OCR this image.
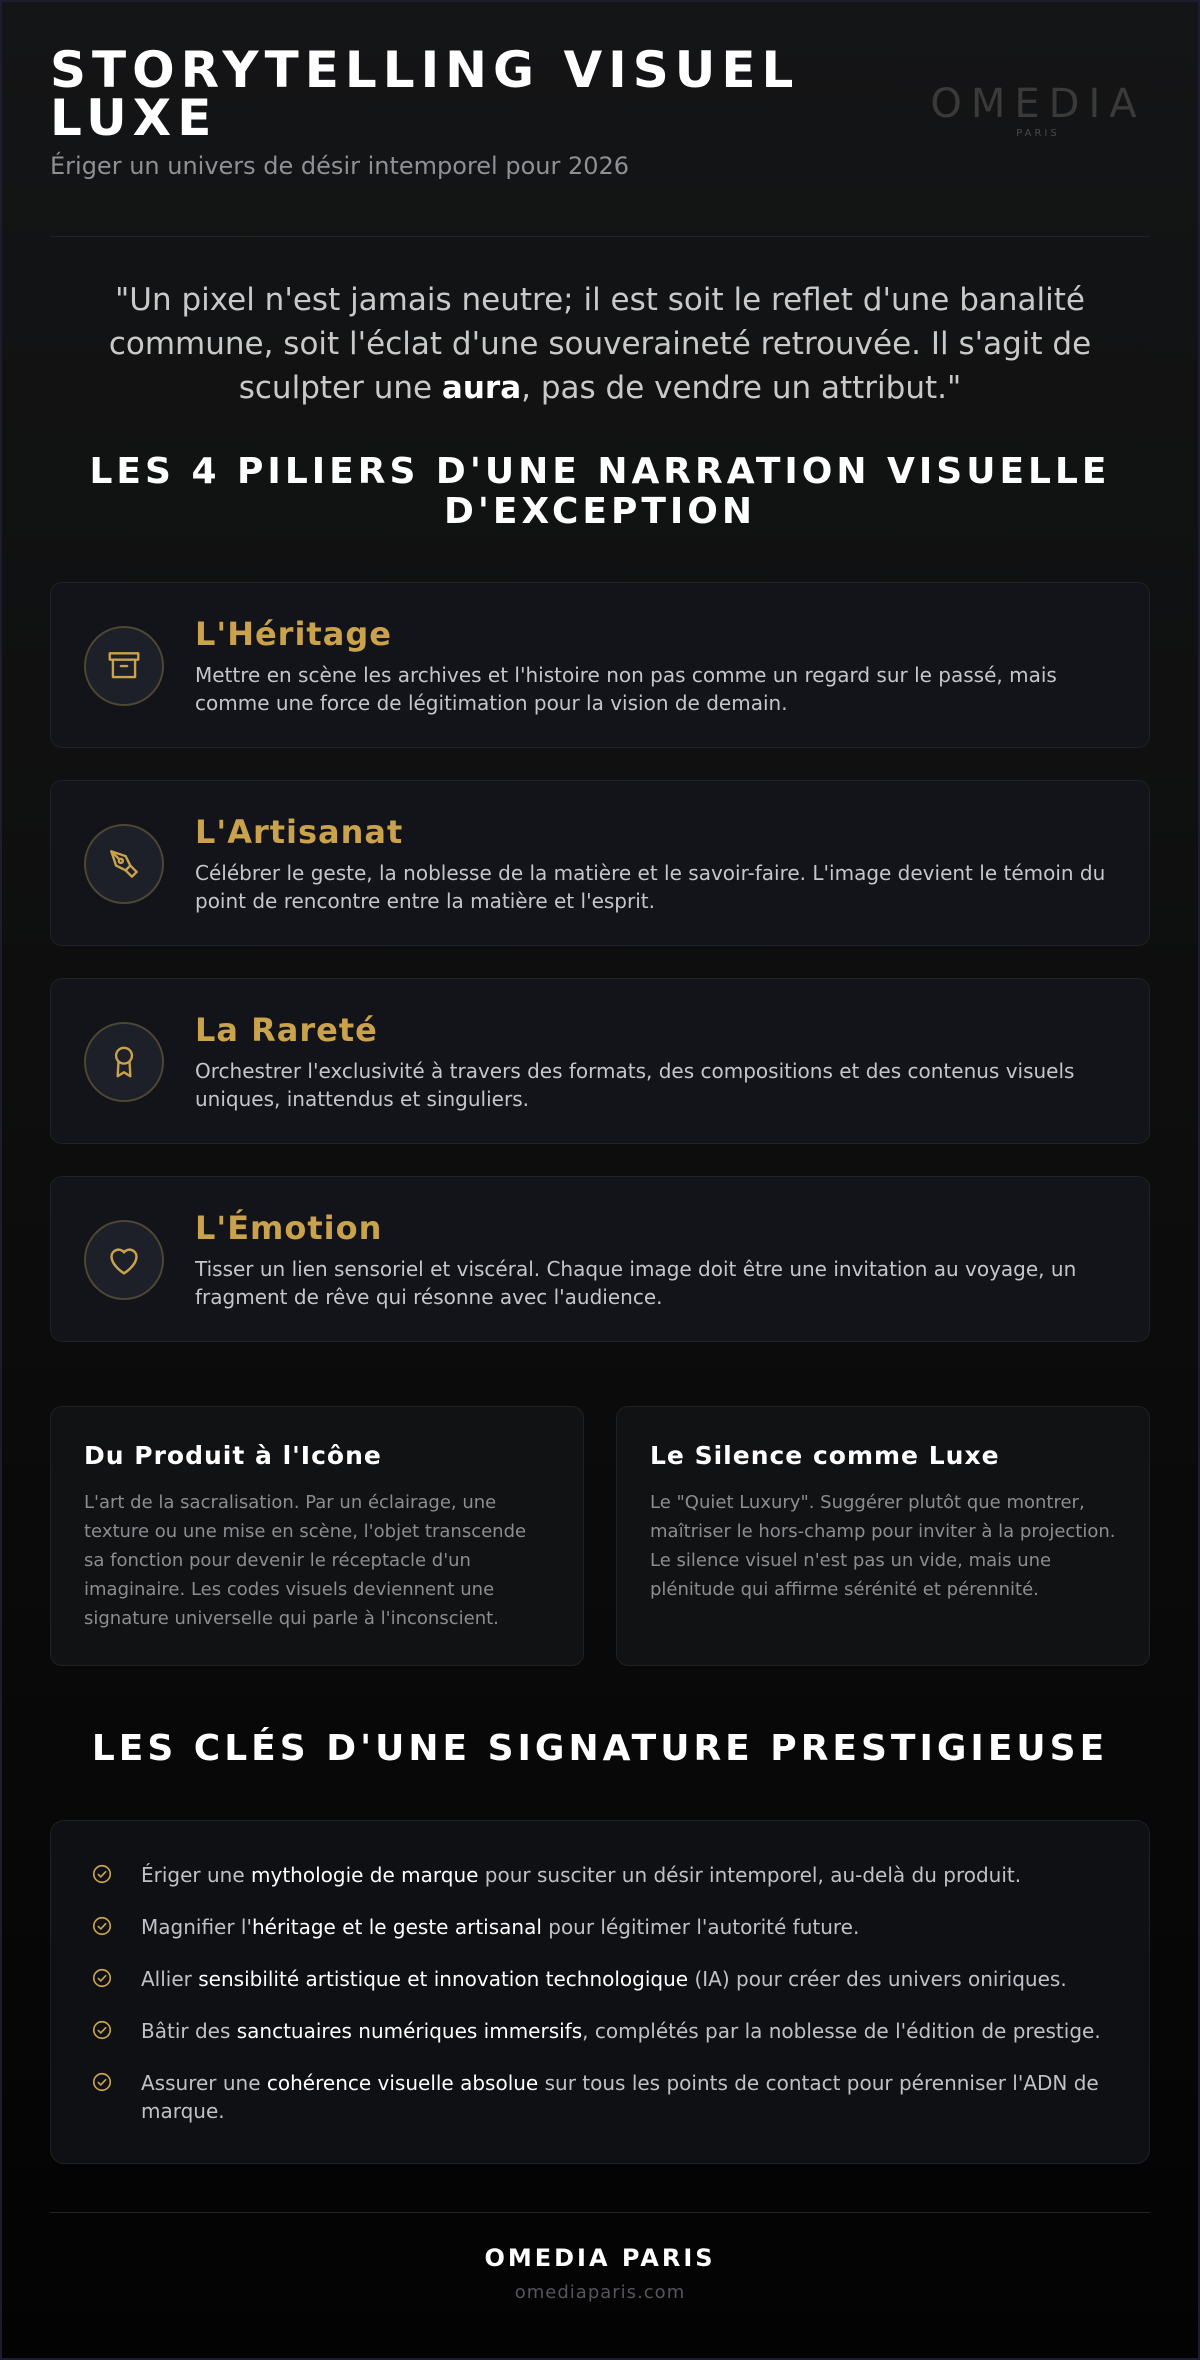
STORYTELLING VISUEL LUXE
Ériger un univers de désir intemporel pour 2026
OMEDIA
PARIS

"Un pixel n'est jamais neutre; il est soit le reflet d'une banalité commune, soit l'éclat d'une souveraineté retrouvée. Il s'agit de sculpter une aura, pas de vendre un attribut."

LES 4 PILIERS D'UNE NARRATION VISUELLE D'EXCEPTION
L'Héritage
Mettre en scène les archives et l'histoire non pas comme un regard sur le passé, mais comme une force de légitimation pour la vision de demain.
L'Artisanat
Célébrer le geste, la noblesse de la matière et le savoir-faire. L'image devient le témoin du point de rencontre entre la matière et l'esprit.
La Rareté
Orchestrer l'exclusivité à travers des formats, des compositions et des contenus visuels uniques, inattendus et singuliers.
L'Émotion
Tisser un lien sensoriel et viscéral. Chaque image doit être une invitation au voyage, un fragment de rêve qui résonne avec l'audience.
Du Produit à l'Icône
L'art de la sacralisation. Par un éclairage, une texture ou une mise en scène, l'objet transcende sa fonction pour devenir le réceptacle d'un imaginaire. Les codes visuels deviennent une signature universelle qui parle à l'inconscient.
Le Silence comme Luxe
Le "Quiet Luxury". Suggérer plutôt que montrer, maîtriser le hors-champ pour inviter à la projection. Le silence visuel n'est pas un vide, mais une plénitude qui affirme sérénité et pérennité.
LES CLÉS D'UNE SIGNATURE PRESTIGIEUSE
Ériger une mythologie de marque pour susciter un désir intemporel, au-delà du produit.
Magnifier l'héritage et le geste artisanal pour légitimer l'autorité future.
Allier sensibilité artistique et innovation technologique (IA) pour créer des univers oniriques.
Bâtir des sanctuaires numériques immersifs, complétés par la noblesse de l'édition de prestige.
Assurer une cohérence visuelle absolue sur tous les points de contact pour pérenniser l'ADN de marque.
OMEDIA PARIS
omediaparis.com
